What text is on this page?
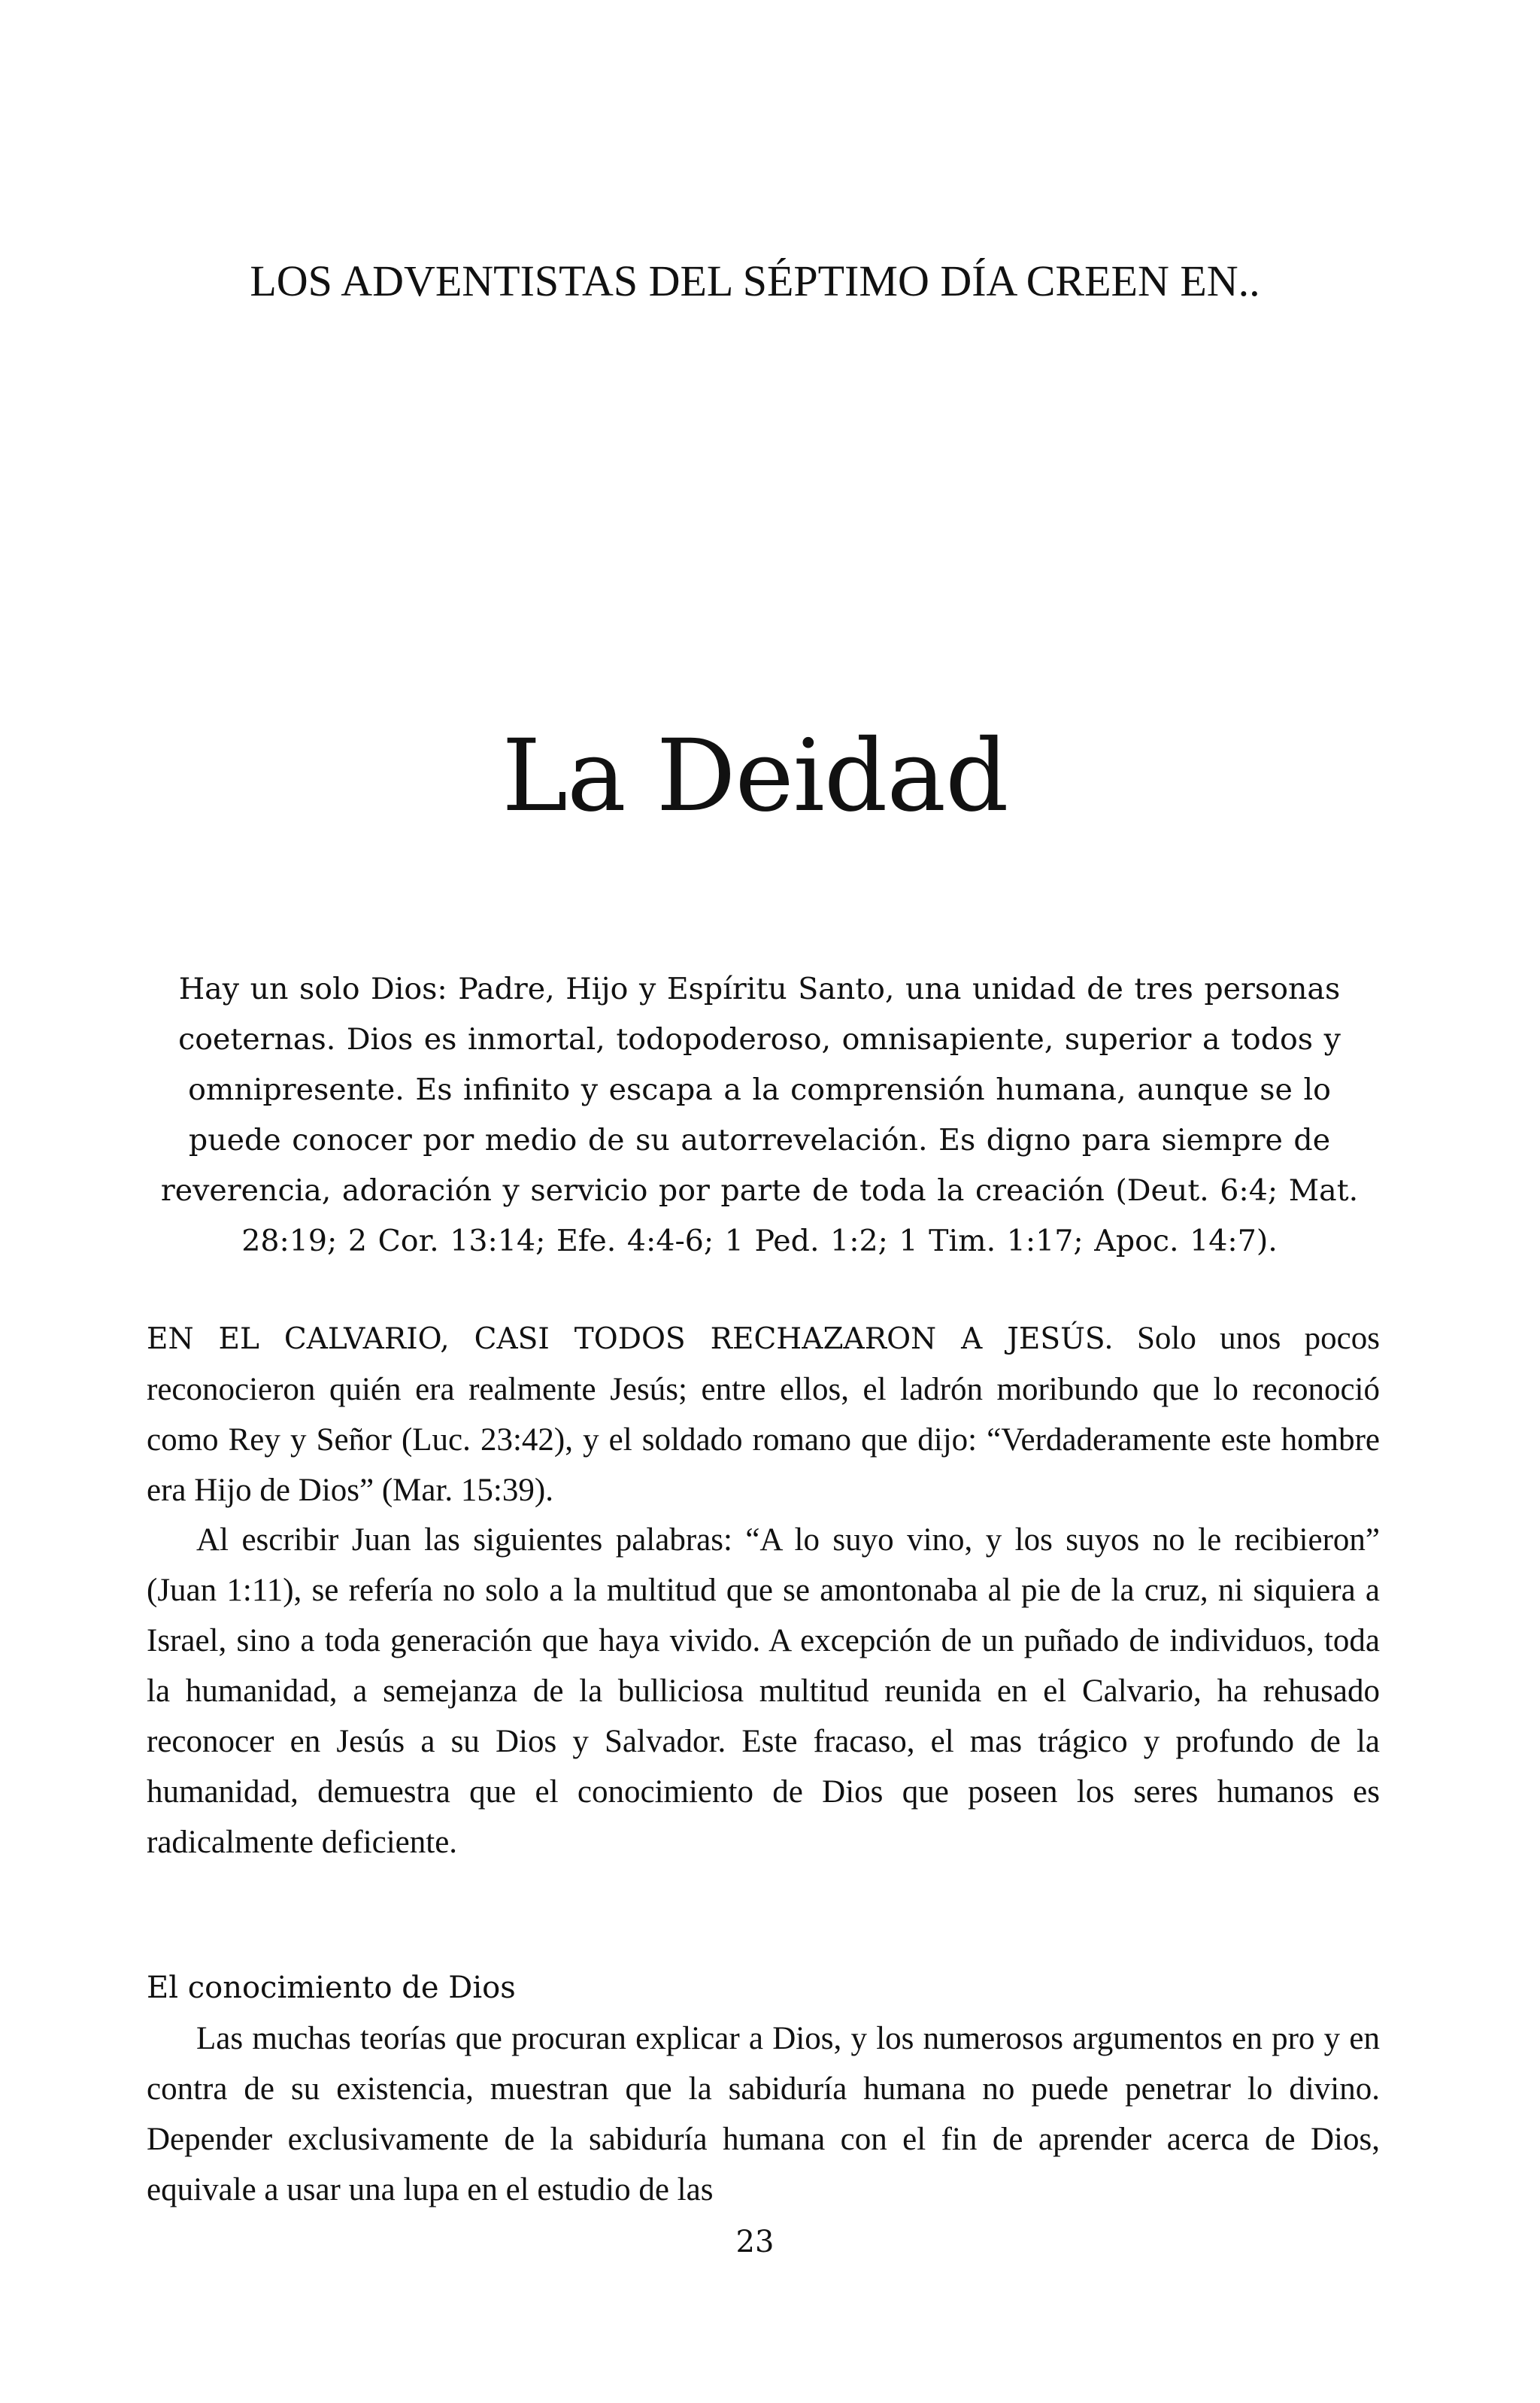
LOS ADVENTISTAS DEL SÉPTIMO DÍA CREEN EN..

La Deidad

Hay un solo Dios: Padre, Hijo y Espíritu Santo, una unidad de tres personas coeternas. Dios es inmortal, todopoderoso, omnisapiente, superior a todos y omnipresente. Es infinito y escapa a la comprensión humana, aunque se lo puede conocer por medio de su autorrevelación. Es digno para siempre de reverencia, adoración y servicio por parte de toda la creación (Deut. 6:4; Mat. 28:19; 2 Cor. 13:14; Efe. 4:4-6; 1 Ped. 1:2; 1 Tim. 1:17; Apoc. 14:7).

EN EL CALVARIO, CASI TODOS RECHAZARON A JESÚS. Solo unos pocos reconocieron quién era realmente Jesús; entre ellos, el ladrón moribundo que lo reconoció como Rey y Señor (Luc. 23:42), y el soldado romano que dijo: “Verdaderamente este hombre era Hijo de Dios” (Mar. 15:39).

Al escribir Juan las siguientes palabras: “A lo suyo vino, y los suyos no le recibieron” (Juan 1:11), se refería no solo a la multitud que se amontonaba al pie de la cruz, ni siquiera a Israel, sino a toda generación que haya vivido. A excepción de un puñado de individuos, toda la humanidad, a semejanza de la bulliciosa multitud reunida en el Calvario, ha rehusado reconocer en Jesús a su Dios y Salvador. Este fracaso, el mas trágico y profundo de la humanidad, demuestra que el conocimiento de Dios que poseen los seres humanos es radicalmente deficiente.

El conocimiento de Dios

Las muchas teorías que procuran explicar a Dios, y los numerosos argumentos en pro y en contra de su existencia, muestran que la sabiduría humana no puede penetrar lo divino. Depender exclusivamente de la sabiduría humana con el fin de aprender acerca de Dios, equivale a usar una lupa en el estudio de las

23
